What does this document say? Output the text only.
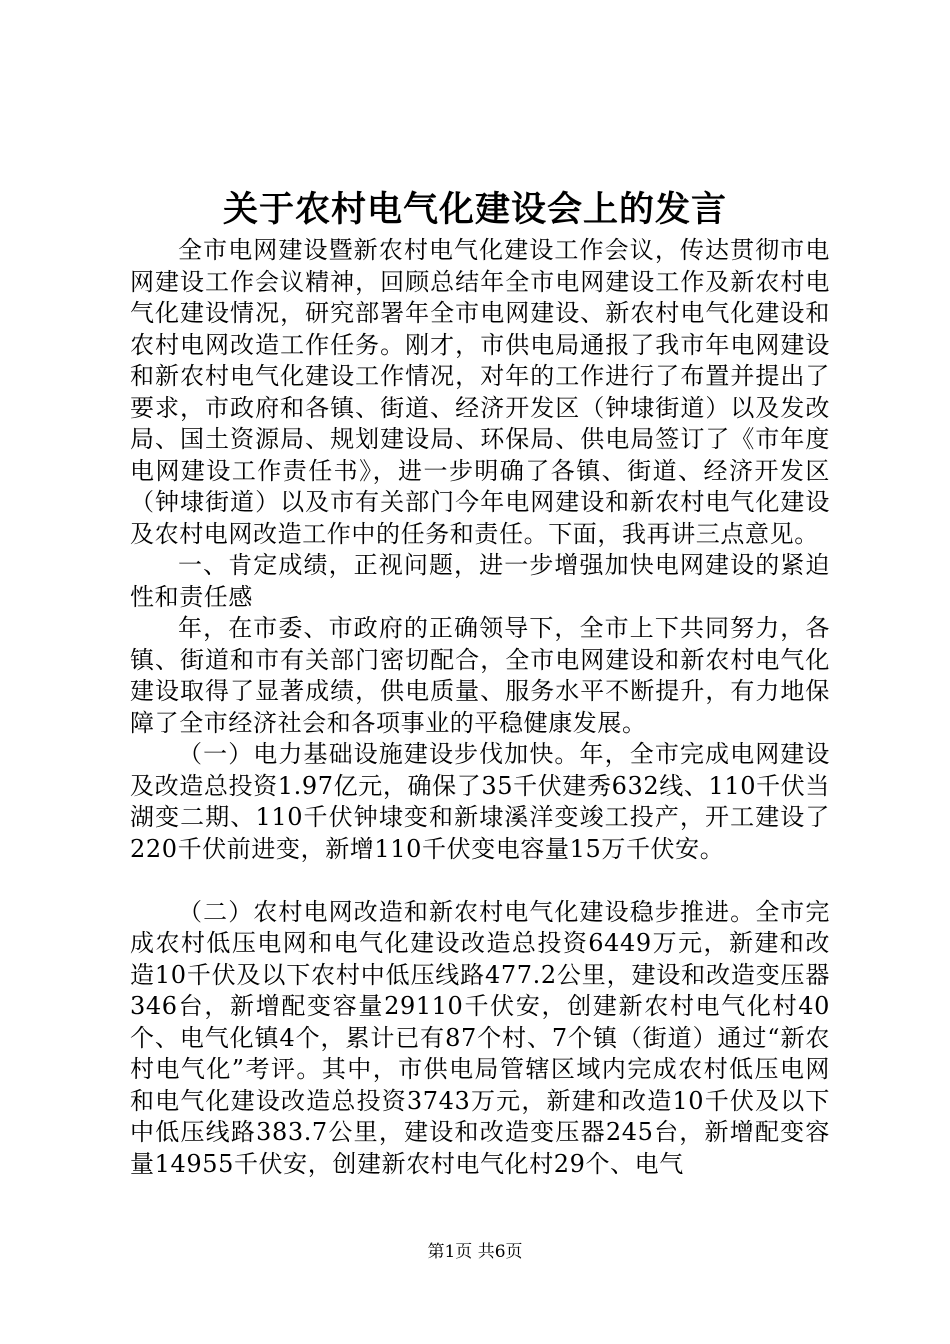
关于农村电气化建设会上的发言

全市电网建设暨新农村电气化建设工作会议，传达贯彻市电网建设工作会议精神，回顾总结年全市电网建设工作及新农村电气化建设情况，研究部署年全市电网建设、新农村电气化建设和农村电网改造工作任务。刚才，市供电局通报了我市年电网建设和新农村电气化建设工作情况，对年的工作进行了布置并提出了要求，市政府和各镇、街道、经济开发区（钟埭街道）以及发改局、国土资源局、规划建设局、环保局、供电局签订了《市年度电网建设工作责任书》，进一步明确了各镇、街道、经济开发区（钟埭街道）以及市有关部门今年电网建设和新农村电气化建设及农村电网改造工作中的任务和责任。下面，我再讲三点意见。

一、肯定成绩，正视问题，进一步增强加快电网建设的紧迫性和责任感

年，在市委、市政府的正确领导下，全市上下共同努力，各镇、街道和市有关部门密切配合，全市电网建设和新农村电气化建设取得了显著成绩，供电质量、服务水平不断提升，有力地保障了全市经济社会和各项事业的平稳健康发展。

（一）电力基础设施建设步伐加快。年，全市完成电网建设及改造总投资1.97亿元，确保了35千伏建秀632线、110千伏当湖变二期、110千伏钟埭变和新埭溪洋变竣工投产，开工建设了220千伏前进变，新增110千伏变电容量15万千伏安。

（二）农村电网改造和新农村电气化建设稳步推进。全市完成农村低压电网和电气化建设改造总投资6449万元，新建和改造10千伏及以下农村中低压线路477.2公里，建设和改造变压器346台，新增配变容量29110千伏安，创建新农村电气化村40个、电气化镇4个，累计已有87个村、7个镇（街道）通过“新农村电气化”考评。其中，市供电局管辖区域内完成农村低压电网和电气化建设改造总投资3743万元，新建和改造10千伏及以下中低压线路383.7公里，建设和改造变压器245台，新增配变容量14955千伏安，创建新农村电气化村29个、电气

第1页 共6页
